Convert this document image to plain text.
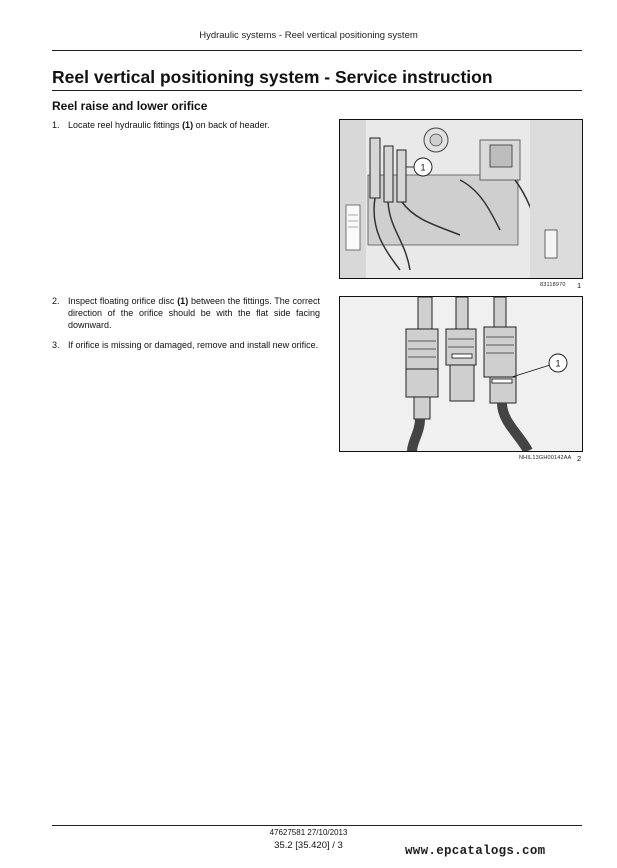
Hydraulic systems - Reel vertical positioning system
Reel vertical positioning system - Service instruction
Reel raise and lower orifice
1. Locate reel hydraulic fittings (1) on back of header.
2. Inspect floating orifice disc (1) between the fittings. The correct direction of the orifice should be with the flat side facing downward.
3. If orifice is missing or damaged, remove and install new orifice.
1
83118970 1
1
NHIL13GH00142AA 2
47627581 27/10/2013
35.2 [35.420] / 3	www.epcatalogs.com
